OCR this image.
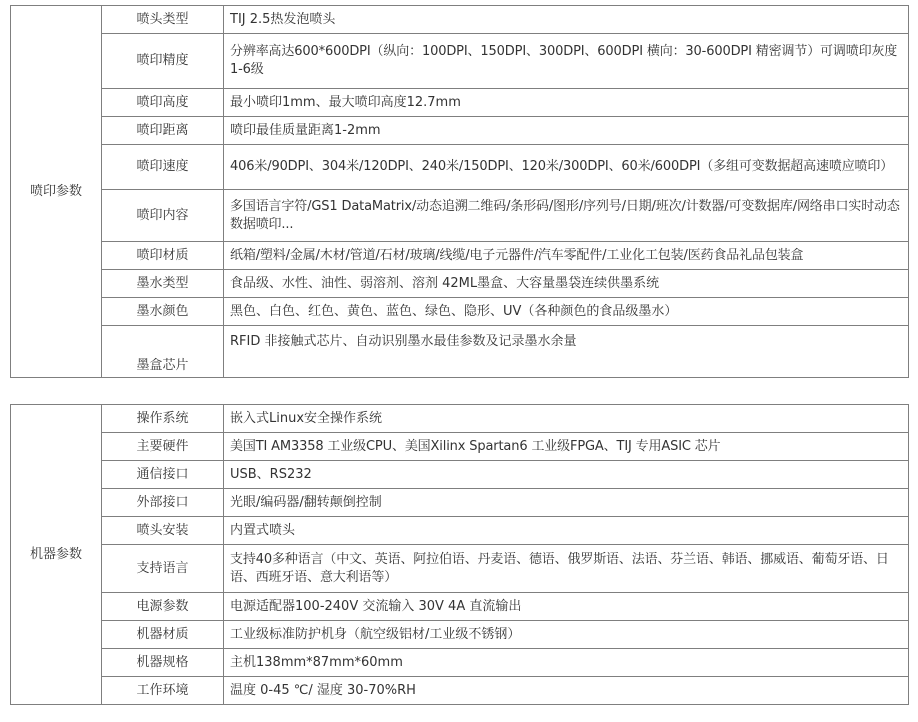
喷印参数	喷头类型	TIJ 2.5热发泡喷头
	喷印精度	分辨率高达600*600DPI（纵向：100DPI、150DPI、300DPI、600DPI 横向：30-600DPI 精密调节）可调喷印灰度1-6级
	喷印高度	最小喷印1mm、最大喷印高度12.7mm
	喷印距离	喷印最佳质量距离1-2mm
	喷印速度	406米/90DPI、304米/120DPI、240米/150DPI、120米/300DPI、60米/600DPI（多组可变数据超高速喷应喷印）
	喷印内容	多国语言字符/GS1 DataMatrix/动态追溯二维码/条形码/图形/序列号/日期/班次/计数器/可变数据库/网络串口实时动态数据喷印...
	喷印材质	纸箱/塑料/金属/木材/管道/石材/玻璃/线缆/电子元器件/汽车零配件/工业化工包装/医药食品礼品包装盒
	墨水类型	食品级、水性、油性、弱溶剂、溶剂 42ML墨盒、大容量墨袋连续供墨系统
	墨水颜色	黑色、白色、红色、黄色、蓝色、绿色、隐形、UV（各种颜色的食品级墨水）
	墨盒芯片	RFID 非接触式芯片、自动识别墨水最佳参数及记录墨水余量
机器参数	操作系统	嵌入式Linux安全操作系统
	主要硬件	美国TI AM3358 工业级CPU、美国Xilinx Spartan6 工业级FPGA、TIJ 专用ASIC 芯片
	通信接口	USB、RS232
	外部接口	光眼/编码器/翻转颠倒控制
	喷头安装	内置式喷头
	支持语言	支持40多种语言（中文、英语、阿拉伯语、丹麦语、德语、俄罗斯语、法语、芬兰语、韩语、挪威语、葡萄牙语、日语、西班牙语、意大利语等）
	电源参数	电源适配器100-240V 交流输入 30V 4A 直流输出
	机器材质	工业级标准防护机身（航空级铝材/工业级不锈钢）
	机器规格	主机138mm*87mm*60mm
	工作环境	温度 0-45 ℃/ 湿度 30-70%RH
